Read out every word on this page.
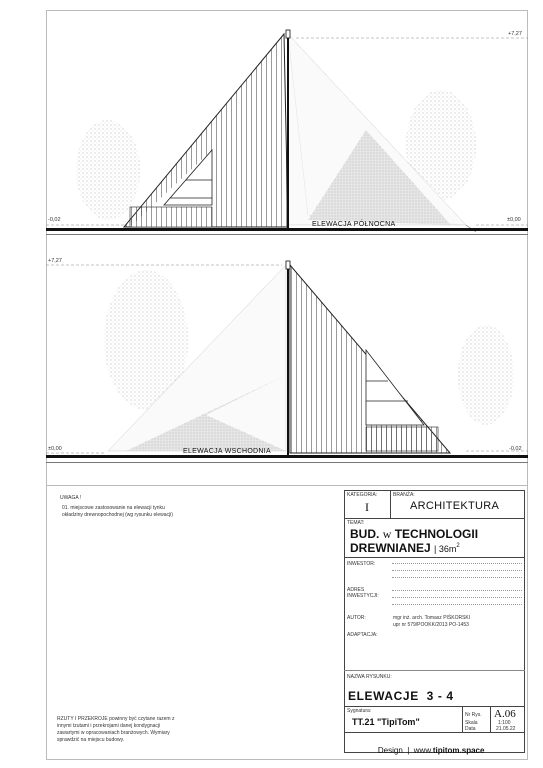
+7,27
-0,02	±0,00
ELEWACJA PÓŁNOCNA
+7,27
±0,00	-0,02
ELEWACJA WSCHODNIA
UWAGA !
01. miejscowe zastosowanie na elewacji tynku
okładziny drewnopochodnej (wg rysunku elewacji)
RZUTY I PRZEKROJE powinny być czytane razem z
innymi tzutami i przekrojami danej kondygnacji
zawartymi w opracowaniach branżowych. Wymiary
sprawdzić na miejscu budowy.
KATEGORIA:
I
BRANŻA:
ARCHITEKTURA
TEMAT:
BUD. w TECHNOLOGII
DREWNIANEJ | $36m^2$
INWESTOR:
ADRES
INWESTYCJI:
AUTOR:	mgr inż. arch. Tomasz PIŚKORSKI
upr nr 579/POOKK/2013 PO-1453
ADAPTACJA:
NAZWA RYSUNKU:
ELEWACJE  3 - 4
Sygnatura:
TT.21 "TipiTom"
Nr Rys. A.06
Skala	1:100
Data	21.05.22

Design  |  www.tipitom.space
